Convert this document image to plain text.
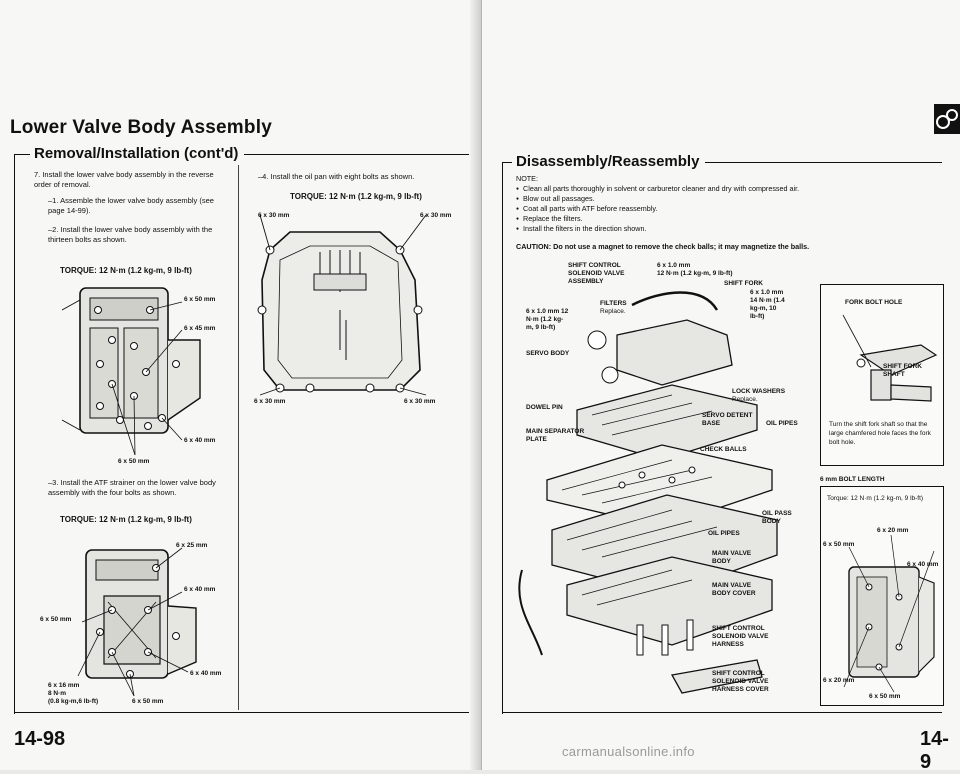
Lower Valve Body Assembly
Removal/Installation (cont'd)
7. Install the lower valve body assembly in the reverse order of removal.
–1. Assemble the lower valve body assembly (see page 14-99).
–2. Install the lower valve body assembly with the thirteen bolts as shown.
TORQUE: 12 N·m (1.2 kg-m, 9 lb-ft)
6 x 50 mm
6 x 45 mm
6 x 40 mm
6 x 50 mm
–3. Install the ATF strainer on the lower valve body assembly with the four bolts as shown.
TORQUE: 12 N·m (1.2 kg-m, 9 lb-ft)
6 x 25 mm
6 x 40 mm
6 x 50 mm
6 x 40 mm
6 x 16 mm
8 N·m
(0.8 kg-m,6 lb-ft)	6 x 50 mm
–4. Install the oil pan with eight bolts as shown.
TORQUE: 12 N·m (1.2 kg-m, 9 lb-ft)
6 x 30 mm	6 x 30 mm
6 x 30 mm	6 x 30 mm
14-98
Disassembly/Reassembly
NOTE:
● Clean all parts thoroughly in solvent or carburetor cleaner and dry with compressed air.
● Blow out all passages.
● Coat all parts with ATF before reassembly.
● Replace the filters.
● Install the filters in the direction shown.
CAUTION: Do not use a magnet to remove the check balls; it may magnetize the balls.
SHIFT CONTROL SOLENOID VALVE ASSEMBLY
6 x 1.0 mm
12 N·m (1.2 kg-m, 9 lb-ft)
SHIFT FORK
6 x 1.0 mm 14 N·m (1.4 kg-m, 10 lb-ft)
FILTERS
Replace.
6 x 1.0 mm 12 N·m (1.2 kg-m, 9 lb-ft)
SERVO BODY
LOCK WASHERS
Replace.
DOWEL PIN
SERVO DETENT BASE	OIL PIPES
MAIN SEPARATOR PLATE
CHECK BALLS
OIL PASS BODY
OIL PIPES
MAIN VALVE BODY
MAIN VALVE BODY COVER
SHIFT CONTROL SOLENOID VALVE HARNESS
SHIFT CONTROL SOLENOID VALVE HARNESS COVER
FORK BOLT HOLE
SHIFT FORK SHAFT
Turn the shift fork shaft so that the large chamfered hole faces the fork bolt hole.
6 mm BOLT LENGTH
Torque: 12 N·m (1.2 kg-m, 9 lb-ft)
6 x 20 mm
6 x 50 mm
6 x 40 mm
6 x 20 mm
6 x 50 mm
carmanualsonline.info
14-9
